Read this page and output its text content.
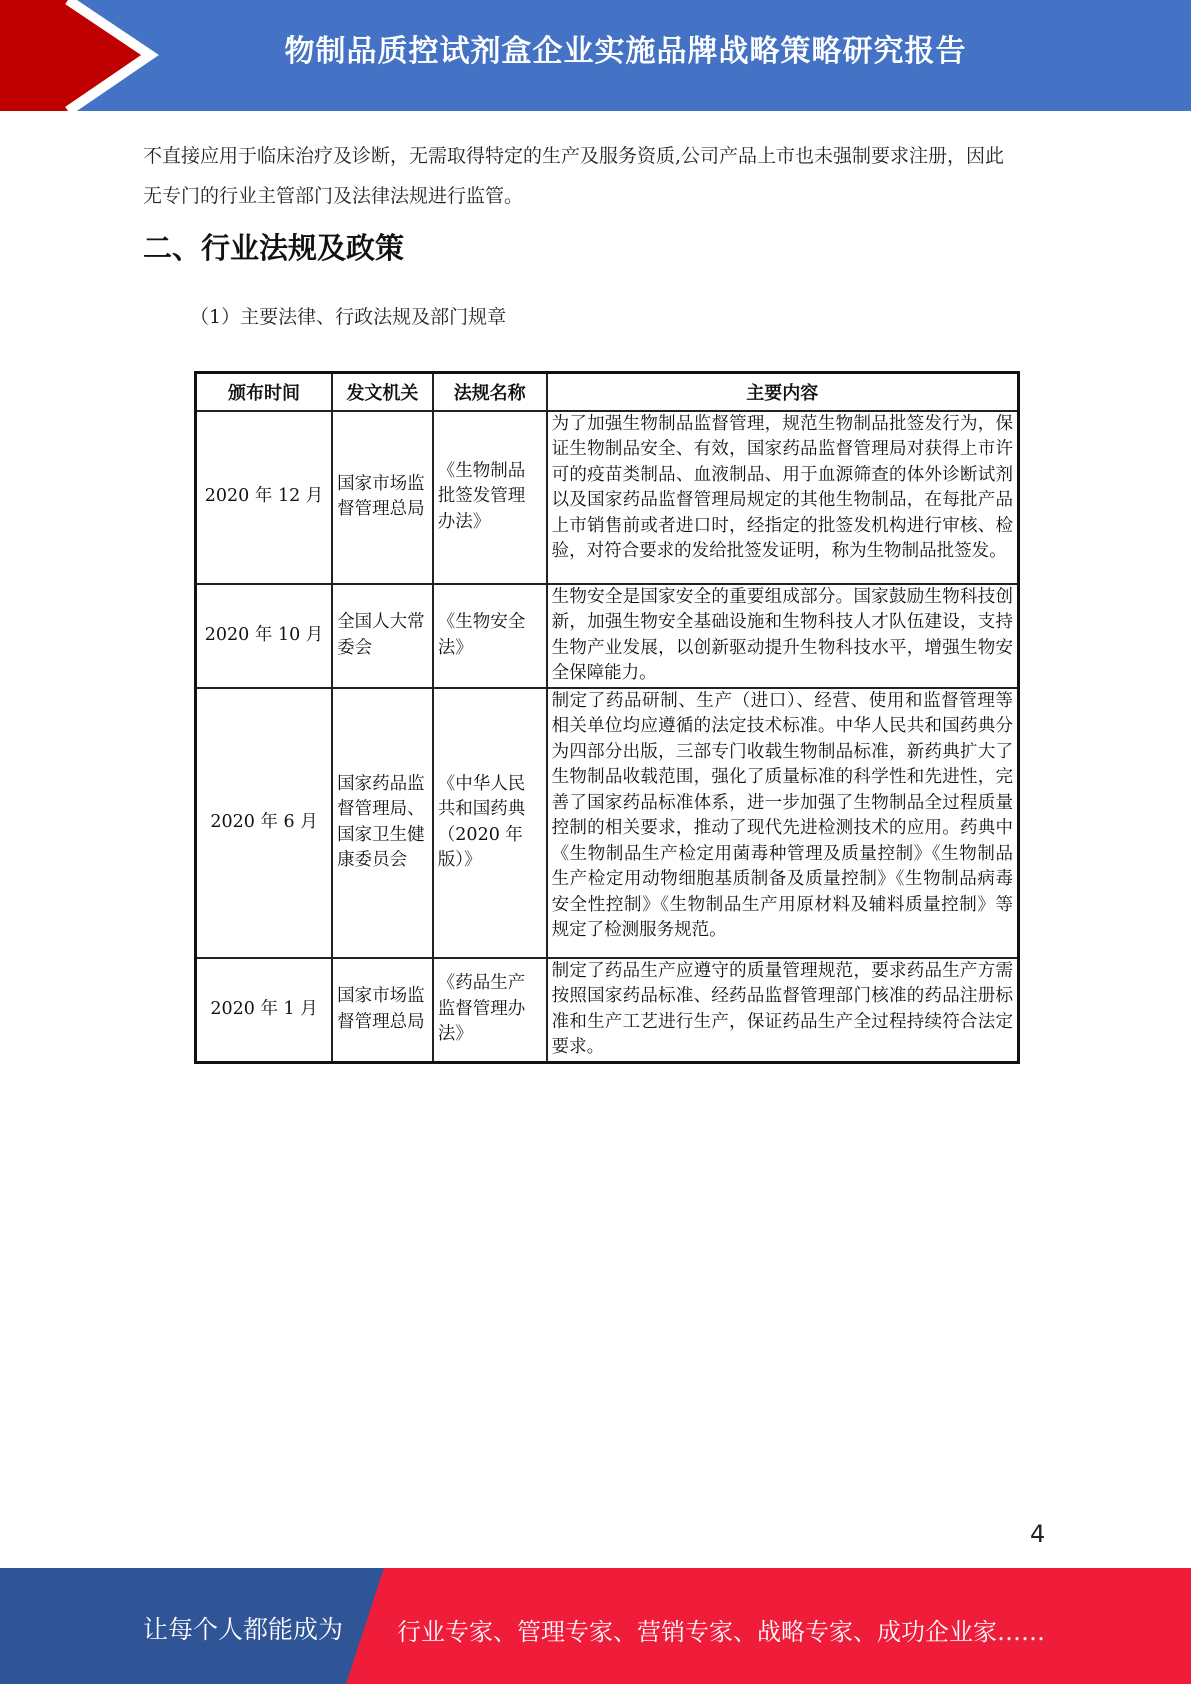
物制品质控试剂盒企业实施品牌战略策略研究报告

不直接应用于临床治疗及诊断，无需取得特定的生产及服务资质,公司产品上市也未强制要求注册，因此无专门的行业主管部门及法律法规进行监管。

二、行业法规及政策

（1）主要法律、行政法规及部门规章

颁布时间	发文机关	法规名称	主要内容
2020 年 12 月	国家市场监督管理总局	《生物制品批签发管理办法》	为了加强生物制品监督管理，规范生物制品批签发行为，保证生物制品安全、有效，国家药品监督管理局对获得上市许可的疫苗类制品、血液制品、用于血源筛查的体外诊断试剂以及国家药品监督管理局规定的其他生物制品，在每批产品上市销售前或者进口时，经指定的批签发机构进行审核、检验，对符合要求的发给批签发证明，称为生物制品批签发。
2020 年 10 月	全国人大常委会	《生物安全法》	生物安全是国家安全的重要组成部分。国家鼓励生物科技创新，加强生物安全基础设施和生物科技人才队伍建设，支持生物产业发展，以创新驱动提升生物科技水平，增强生物安全保障能力。
2020 年 6 月	国家药品监督管理局、国家卫生健康委员会	《中华人民共和国药典（2020 年版）》	制定了药品研制、生产（进口）、经营、使用和监督管理等相关单位均应遵循的法定技术标准。中华人民共和国药典分为四部分出版，三部专门收载生物制品标准，新药典扩大了生物制品收载范围，强化了质量标准的科学性和先进性，完善了国家药品标准体系，进一步加强了生物制品全过程质量控制的相关要求，推动了现代先进检测技术的应用。药典中《生物制品生产检定用菌毒种管理及质量控制》《生物制品生产检定用动物细胞基质制备及质量控制》《生物制品病毒安全性控制》《生物制品生产用原材料及辅料质量控制》等规定了检测服务规范。
2020 年 1 月	国家市场监督管理总局	《药品生产监督管理办法》	制定了药品生产应遵守的质量管理规范，要求药品生产方需按照国家药品标准、经药品监督管理部门核准的药品注册标准和生产工艺进行生产，保证药品生产全过程持续符合法定要求。
4
让每个人都能成为 行业专家、管理专家、营销专家、战略专家、成功企业家……
